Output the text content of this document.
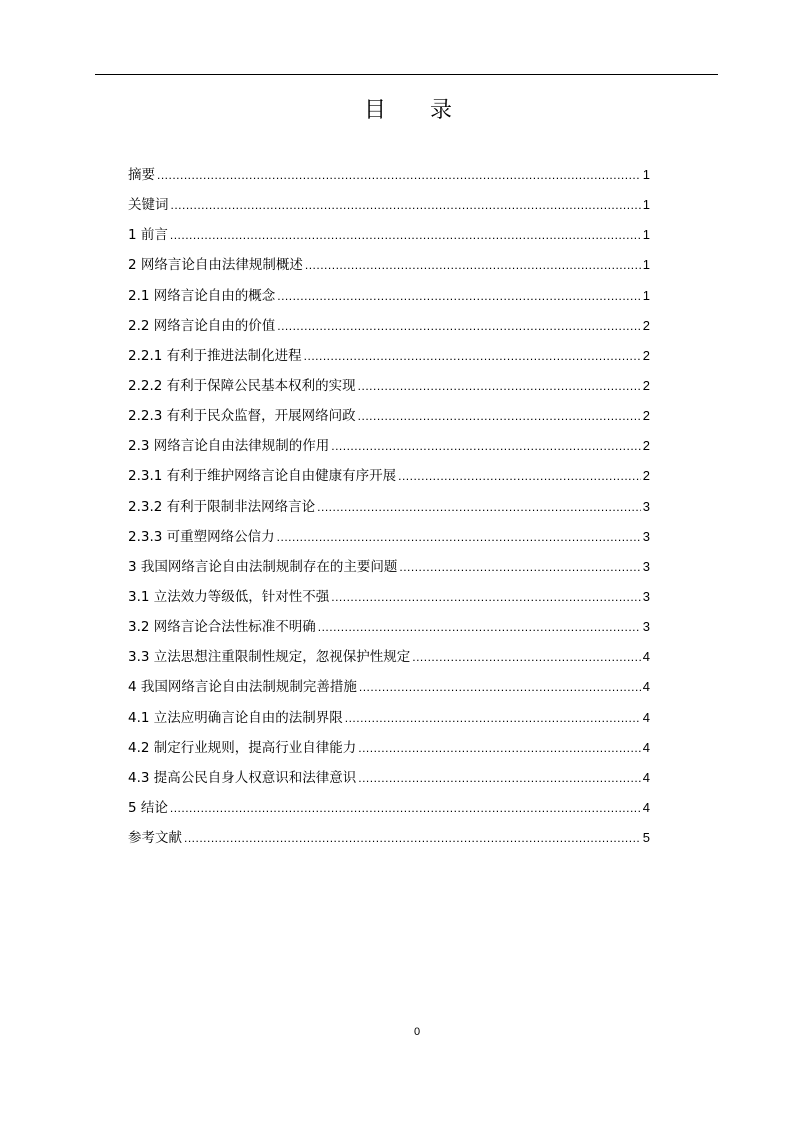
目录
摘要 .....	1
关键词 .....	1
1 前言 .....	1
2 网络言论自由法律规制概述 .....	1
2.1 网络言论自由的概念 .....	1
2.2 网络言论自由的价值 .....	2
2.2.1 有利于推进法制化进程 .....	2
2.2.2 有利于保障公民基本权利的实现 .....	2
2.2.3 有利于民众监督，开展网络问政 .....	2
2.3 网络言论自由法律规制的作用 .....	2
2.3.1 有利于维护网络言论自由健康有序开展 .....	2
2.3.2 有利于限制非法网络言论 .....	3
2.3.3 可重塑网络公信力 .....	3
3 我国网络言论自由法制规制存在的主要问题 .....	3
3.1 立法效力等级低，针对性不强 .....	3
3.2 网络言论合法性标准不明确 .....	3
3.3 立法思想注重限制性规定，忽视保护性规定 .....	4
4 我国网络言论自由法制规制完善措施 .....	4
4.1 立法应明确言论自由的法制界限 .....	4
4.2 制定行业规则，提高行业自律能力 .....	4
4.3 提高公民自身人权意识和法律意识 .....	4
5 结论 .....	4
参考文献 .....	5
0
